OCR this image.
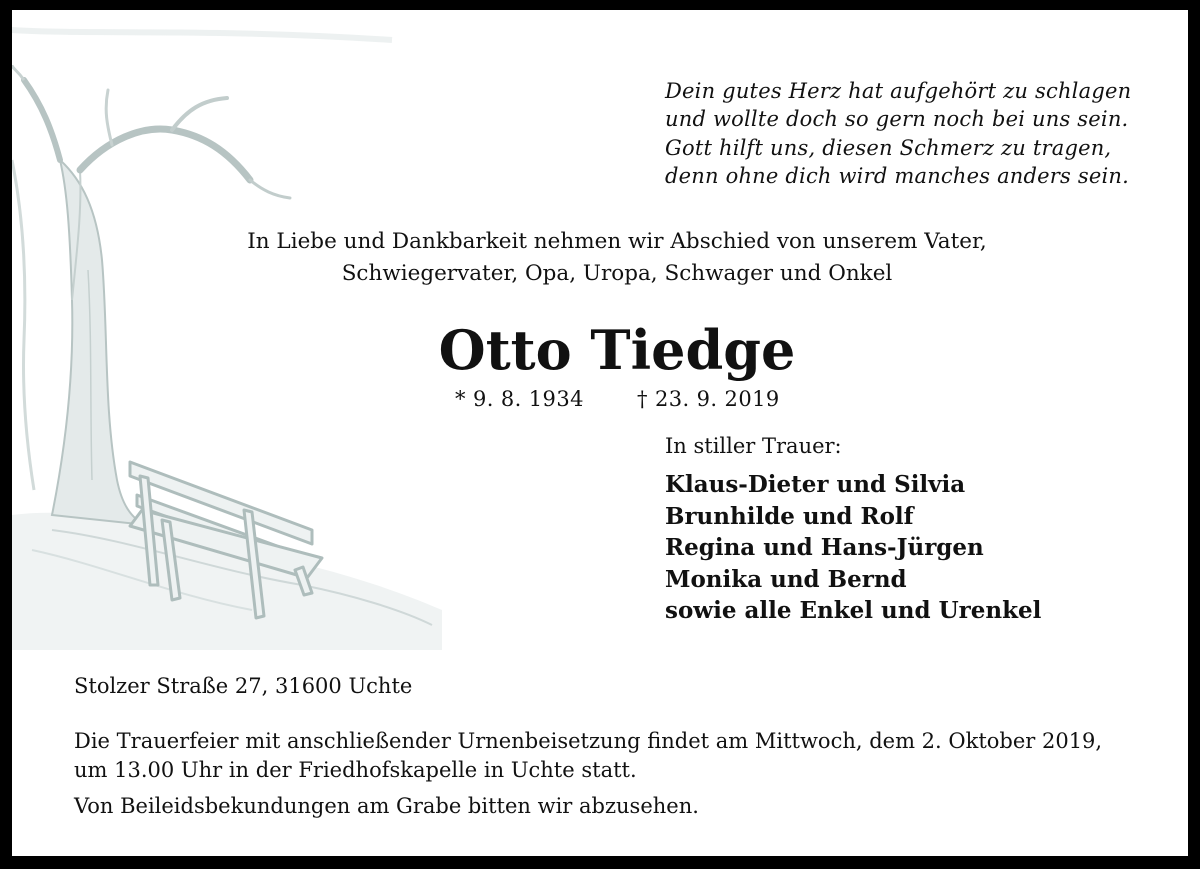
Dein gutes Herz hat aufgehört zu schlagen
und wollte doch so gern noch bei uns sein.
Gott hilft uns, diesen Schmerz zu tragen,
denn ohne dich wird manches anders sein.
In Liebe und Dankbarkeit nehmen wir Abschied von unserem Vater,
Schwiegervater, Opa, Uropa, Schwager und Onkel
Otto Tiedge
* 9. 8. 1934	† 23. 9. 2019
In stiller Trauer:
Klaus-Dieter und Silvia
Brunhilde und Rolf
Regina und Hans-Jürgen
Monika und Bernd
sowie alle Enkel und Urenkel
Stolzer Straße 27, 31600 Uchte
Die Trauerfeier mit anschließender Urnenbeisetzung findet am Mittwoch, dem 2. Oktober 2019,
um 13.00 Uhr in der Friedhofskapelle in Uchte statt.
Von Beileidsbekundungen am Grabe bitten wir abzusehen.
